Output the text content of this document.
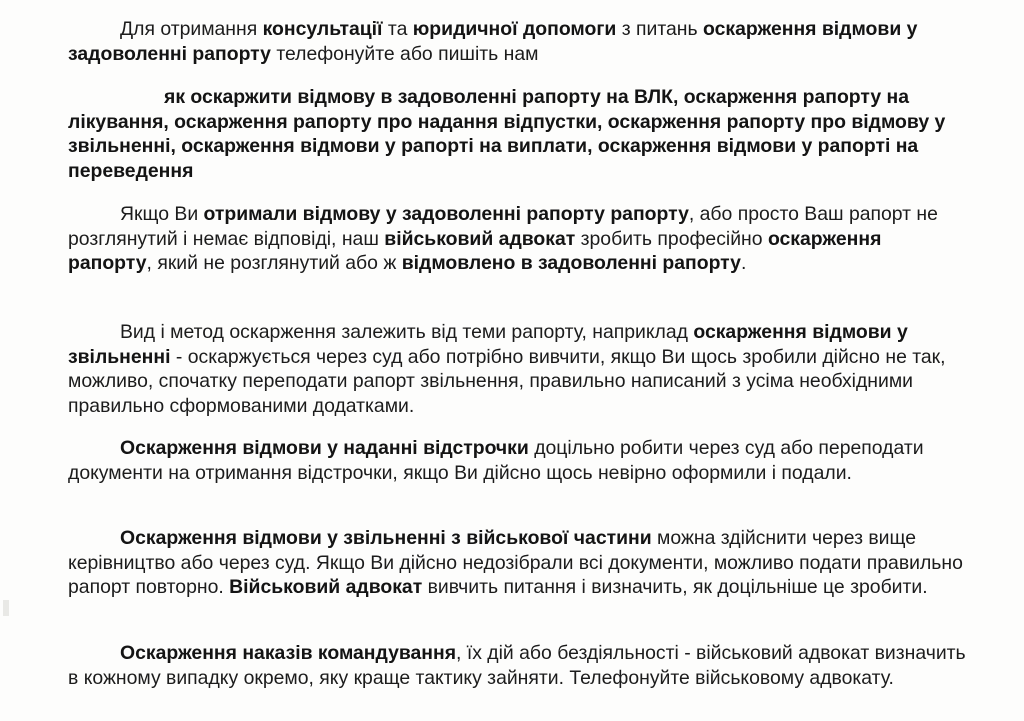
Для отримання консультації та юридичної допомоги з питань оскарження відмови у задоволенні рапорту телефонуйте або пишіть нам

як оскаржити відмову в задоволенні рапорту на ВЛК, оскарження рапорту на лікування, оскарження рапорту про надання відпустки, оскарження рапорту про відмову у звільненні, оскарження відмови у рапорті на виплати, оскарження відмови у рапорті на переведення

Якщо Ви отримали відмову у задоволенні рапорту рапорту, або просто Ваш рапорт не розглянутий і немає відповіді, наш військовий адвокат зробить професійно оскарження рапорту, який не розглянутий або ж відмовлено в задоволенні рапорту.

Вид і метод оскарження залежить від теми рапорту, наприклад оскарження відмови у звільненні - оскаржується через суд або потрібно вивчити, якщо Ви щось зробили дійсно не так, можливо, спочатку переподати рапорт звільнення, правильно написаний з усіма необхідними правильно сформованими додатками.

Оскарження відмови у наданні відстрочки доцільно робити через суд або переподати документи на отримання відстрочки, якщо Ви дійсно щось невірно оформили і подали.

Оскарження відмови у звільненні з військової частини можна здійснити через вище керівництво або через суд. Якщо Ви дійсно недозібрали всі документи, можливо подати правильно рапорт повторно. Військовий адвокат вивчить питання і визначить, як доцільніше це зробити.

Оскарження наказів командування, їх дій або бездіяльності - військовий адвокат визначить в кожному випадку окремо, яку краще тактику зайняти. Телефонуйте військовому адвокату.
